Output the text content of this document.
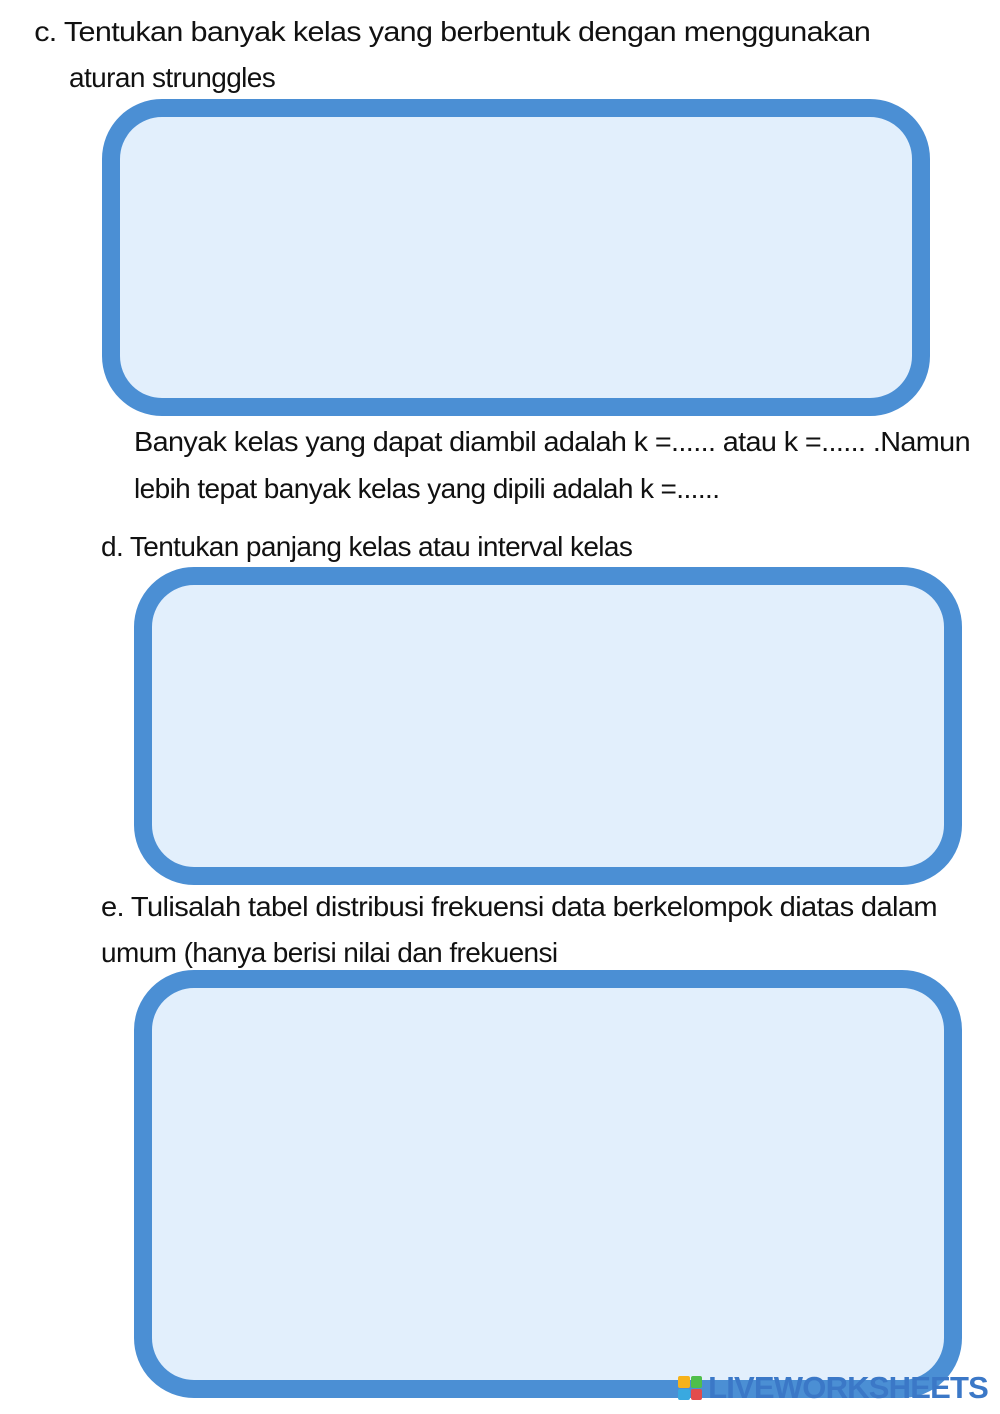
c. Tentukan banyak kelas yang berbentuk dengan menggunakan
aturan strunggles
Banyak kelas yang dapat diambil adalah k =...... atau k =...... .Namun
lebih tepat banyak kelas yang dipili adalah k =......
d. Tentukan panjang kelas atau interval kelas
e. Tulisalah tabel distribusi frekuensi data berkelompok diatas dalam
umum (hanya berisi nilai dan frekuensi
LIVEWORKSHEETS
